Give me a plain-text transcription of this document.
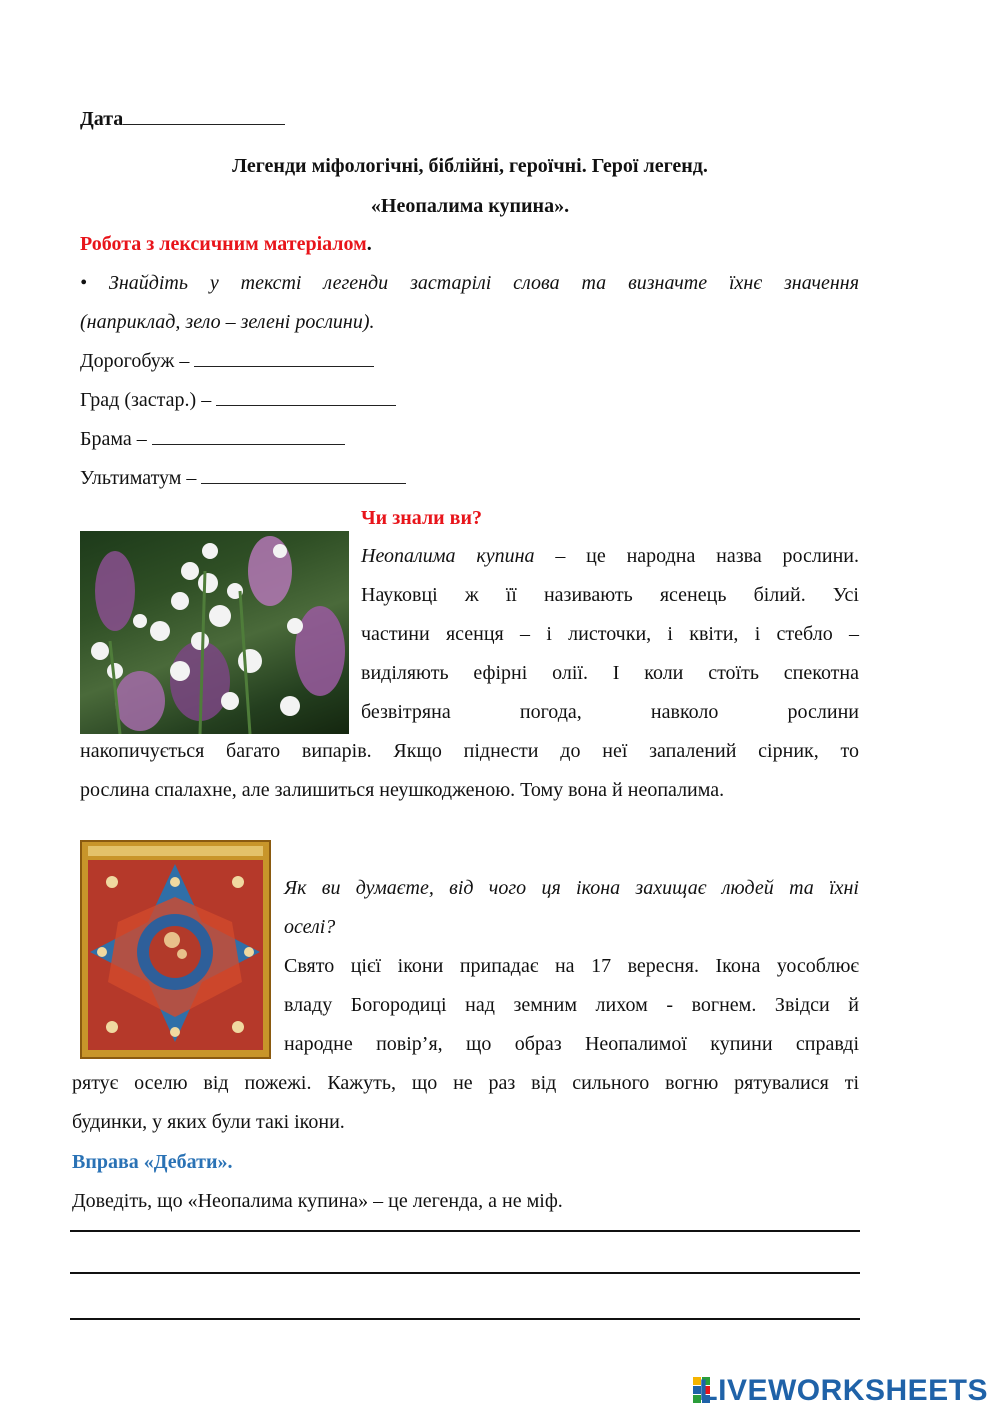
Дата
Легенди міфологічні, біблійні, героїчні. Герої легенд.
«Неопалима купина».
Робота з лексичним матеріалом.
• Знайдіть у тексті легенди застарілі слова та визначте їхнє значення
(наприклад, зело – зелені рослини).
Дорогобуж –
Град (застар.) –
Брама –
Ультиматум –
Чи знали ви?
Неопалима купина – це народна назва рослини.
Науковці ж її називають ясенець білий. Усі
частини ясенця – і листочки, і квіти, і стебло –
виділяють ефірні олії. І коли стоїть спекотна
безвітряна погода, навколо рослини
накопичується багато випарів. Якщо піднести до неї запалений сірник, то
рослина спалахне, але залишиться неушкодженою. Тому вона й неопалима.
Як ви думаєте, від чого ця ікона захищає людей та їхні
оселі?
Свято цієї ікони припадає на 17 вересня. Ікона уособлює
владу Богородиці над земним лихом - вогнем. Звідси й
народне повір’я, що образ Неопалимої купини справді
рятує оселю від пожежі. Кажуть, що не раз від сильного вогню рятувалися ті
будинки, у яких були такі ікони.
Вправа «Дебати».
Доведіть, що «Неопалима купина» – це легенда, а не міф.
LIVEWORKSHEETS
